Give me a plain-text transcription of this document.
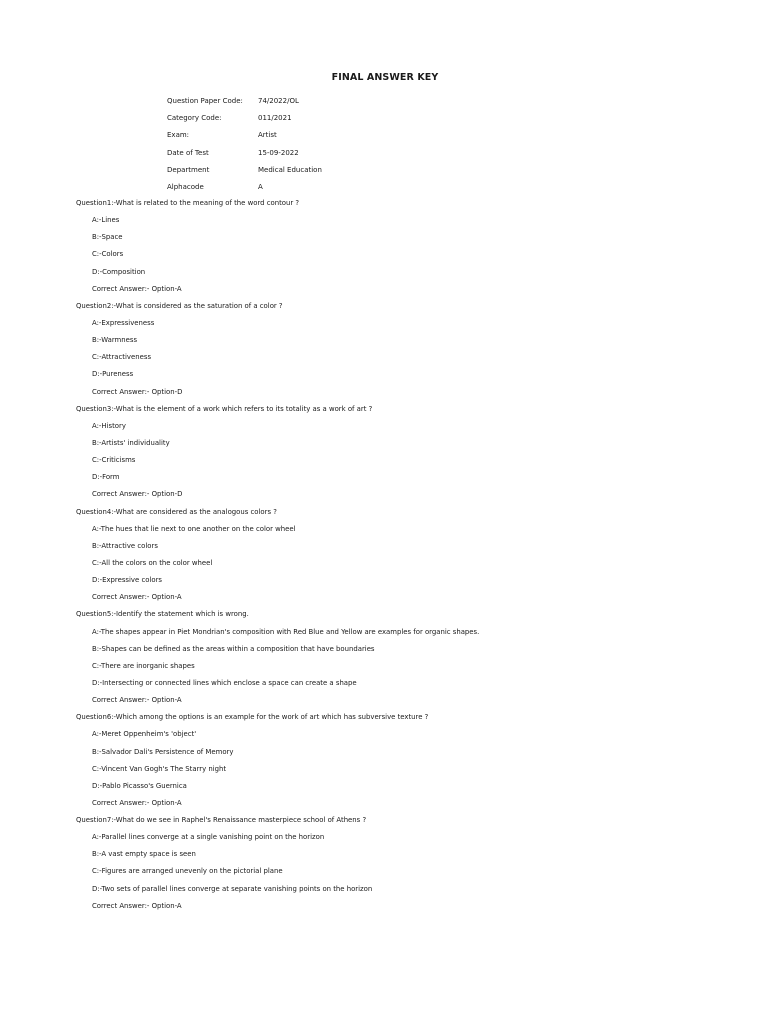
FINAL ANSWER KEY
Question Paper Code: 74/2022/OL
Category Code:	011/2021
Exam:	Artist
Date of Test	15-09-2022
Department	Medical Education
Alphacode	A
Question1:-What is related to the meaning of the word contour ?
A:-Lines
B:-Space
C:-Colors
D:-Composition
Correct Answer:- Option-A
Question2:-What is considered as the saturation of a color ?
A:-Expressiveness
B:-Warmness
C:-Attractiveness
D:-Pureness
Correct Answer:- Option-D
Question3:-What is the element of a work which refers to its totality as a work of art ?
A:-History
B:-Artists' individuality
C:-Criticisms
D:-Form
Correct Answer:- Option-D
Question4:-What are considered as the analogous colors ?
A:-The hues that lie next to one another on the color wheel
B:-Attractive colors
C:-All the colors on the color wheel
D:-Expressive colors
Correct Answer:- Option-A
Question5:-Identify the statement which is wrong.
A:-The shapes appear in Piet Mondrian's composition with Red Blue and Yellow are examples for organic shapes.
B:-Shapes can be defined as the areas within a composition that have boundaries
C:-There are inorganic shapes
D:-Intersecting or connected lines which enclose a space can create a shape
Correct Answer:- Option-A
Question6:-Which among the options is an example for the work of art which has subversive texture ?
A:-Meret Oppenheim's 'object'
B:-Salvador Dali's Persistence of Memory
C:-Vincent Van Gogh's The Starry night
D:-Pablo Picasso's Guernica
Correct Answer:- Option-A
Question7:-What do we see in Raphel's Renaissance masterpiece school of Athens ?
A:-Parallel lines converge at a single vanishing point on the horizon
B:-A vast empty space is seen
C:-Figures are arranged unevenly on the pictorial plane
D:-Two sets of parallel lines converge at separate vanishing points on the horizon
Correct Answer:- Option-A
